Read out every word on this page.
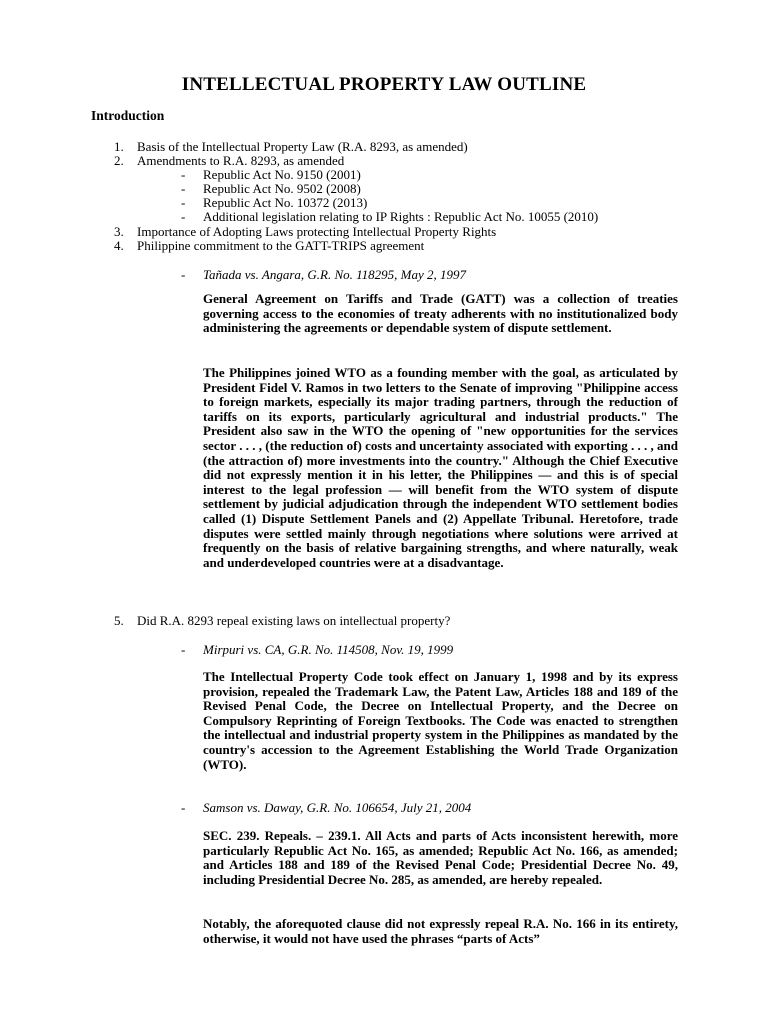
INTELLECTUAL PROPERTY LAW OUTLINE
Introduction
1. Basis of the Intellectual Property Law (R.A. 8293, as amended)
2. Amendments to R.A. 8293, as amended
- Republic Act No. 9150 (2001)
- Republic Act No. 9502 (2008)
- Republic Act No. 10372 (2013)
- Additional legislation relating to IP Rights : Republic Act No. 10055 (2010)
3. Importance of Adopting Laws protecting Intellectual Property Rights
4. Philippine commitment to the GATT-TRIPS agreement
- Tañada vs. Angara, G.R. No. 118295, May 2, 1997

General Agreement on Tariffs and Trade (GATT) was a collection of treaties governing access to the economies of treaty adherents with no institutionalized body administering the agreements or dependable system of dispute settlement.

The Philippines joined WTO as a founding member with the goal, as articulated by President Fidel V. Ramos in two letters to the Senate of improving "Philippine access to foreign markets, especially its major trading partners, through the reduction of tariffs on its exports, particularly agricultural and industrial products." The President also saw in the WTO the opening of "new opportunities for the services sector . . . , (the reduction of) costs and uncertainty associated with exporting . . . , and (the attraction of) more investments into the country." Although the Chief Executive did not expressly mention it in his letter, the Philippines — and this is of special interest to the legal profession — will benefit from the WTO system of dispute settlement by judicial adjudication through the independent WTO settlement bodies called (1) Dispute Settlement Panels and (2) Appellate Tribunal. Heretofore, trade disputes were settled mainly through negotiations where solutions were arrived at frequently on the basis of relative bargaining strengths, and where naturally, weak and underdeveloped countries were at a disadvantage.

5. Did R.A. 8293 repeal existing laws on intellectual property?
- Mirpuri vs. CA, G.R. No. 114508, Nov. 19, 1999

The Intellectual Property Code took effect on January 1, 1998 and by its express provision, repealed the Trademark Law, the Patent Law, Articles 188 and 189 of the Revised Penal Code, the Decree on Intellectual Property, and the Decree on Compulsory Reprinting of Foreign Textbooks. The Code was enacted to strengthen the intellectual and industrial property system in the Philippines as mandated by the country's accession to the Agreement Establishing the World Trade Organization (WTO).

- Samson vs. Daway, G.R. No. 106654, July 21, 2004

SEC. 239. Repeals. – 239.1. All Acts and parts of Acts inconsistent herewith, more particularly Republic Act No. 165, as amended; Republic Act No. 166, as amended; and Articles 188 and 189 of the Revised Penal Code; Presidential Decree No. 49, including Presidential Decree No. 285, as amended, are hereby repealed.

Notably, the aforequoted clause did not expressly repeal R.A. No. 166 in its entirety, otherwise, it would not have used the phrases “parts of Acts”
